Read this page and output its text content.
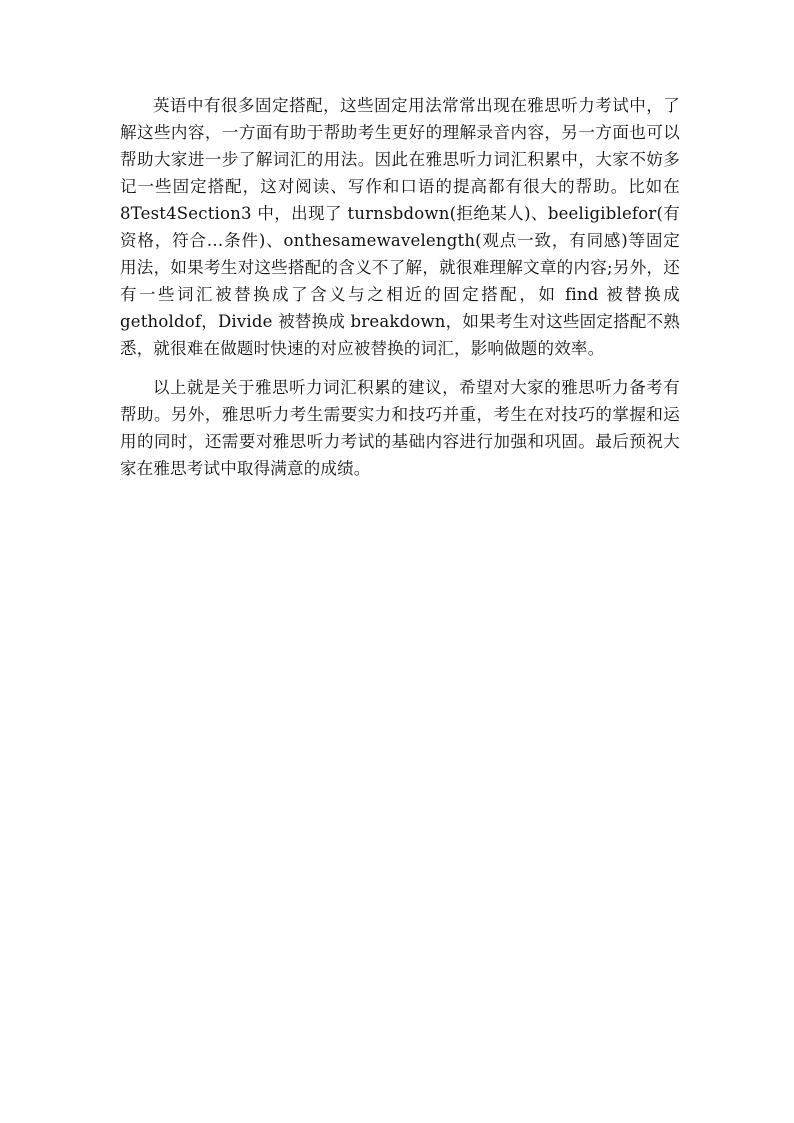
英语中有很多固定搭配，这些固定用法常常出现在雅思听力考试中，了解这些内容，一方面有助于帮助考生更好的理解录音内容，另一方面也可以帮助大家进一步了解词汇的用法。因此在雅思听力词汇积累中，大家不妨多记一些固定搭配，这对阅读、写作和口语的提高都有很大的帮助。比如在 8Test4Section3 中，出现了 turnsbdown(拒绝某人)、beeligiblefor(有资格，符合…条件)、onthesamewavelength(观点一致，有同感)等固定用法，如果考生对这些搭配的含义不了解，就很难理解文章的内容;另外，还有一些词汇被替换成了含义与之相近的固定搭配，如 find 被替换成 getholdof，Divide 被替换成 breakdown，如果考生对这些固定搭配不熟悉，就很难在做题时快速的对应被替换的词汇，影响做题的效率。

以上就是关于雅思听力词汇积累的建议，希望对大家的雅思听力备考有帮助。另外，雅思听力考生需要实力和技巧并重，考生在对技巧的掌握和运用的同时，还需要对雅思听力考试的基础内容进行加强和巩固。最后预祝大家在雅思考试中取得满意的成绩。
